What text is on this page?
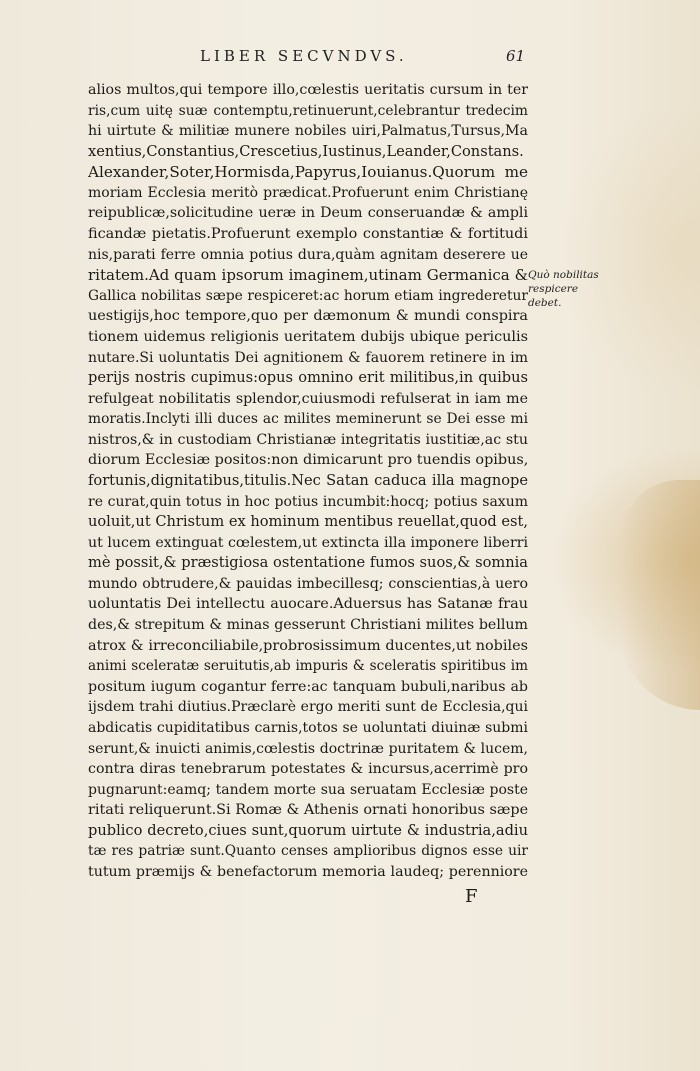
LIBER SECVNDVS.	61
alios multos,qui tempore illo,cœlestis ueritatis cursum in ter
ris,cum uitę suæ contemptu,retinuerunt,celebrantur tredecim
hi uirtute & militiæ munere nobiles uiri,Palmatus,Tursus,Ma
xentius,Constantius,Crescetius,Iustinus,Leander,Constans.
Alexander,Soter,Hormisda,Papyrus,Iouianus.Quorum me
moriam Ecclesia meritò prædicat.Profuerunt enim Christianę
reipublicæ,solicitudine ueræ in Deum conseruandæ & ampli
ficandæ pietatis.Profuerunt exemplo constantiæ & fortitudi
nis,parati ferre omnia potius dura,quàm agnitam deserere ue
ritatem.Ad quam ipsorum imaginem,utinam Germanica &
Gallica nobilitas sæpe respiceret:ac horum etiam ingrederetur
uestigijs,hoc tempore,quo per dæmonum & mundi conspira
tionem uidemus religionis ueritatem dubijs ubique periculis
nutare.Si uoluntatis Dei agnitionem & fauorem retinere in im
perijs nostris cupimus:opus omnino erit militibus,in quibus
refulgeat nobilitatis splendor,cuiusmodi refulserat in iam me
moratis.Inclyti illi duces ac milites meminerunt se Dei esse mi
nistros,& in custodiam Christianæ integritatis iustitiæ,ac stu
diorum Ecclesiæ positos:non dimicarunt pro tuendis opibus,
fortunis,dignitatibus,titulis.Nec Satan caduca illa magnope
re curat,quin totus in hoc potius incumbit:hocq; potius saxum
uoluit,ut Christum ex hominum mentibus reuellat,quod est,
ut lucem extinguat cœlestem,ut extincta illa imponere liberri
mè possit,& præstigiosa ostentatione fumos suos,& somnia
mundo obtrudere,& pauidas imbecillesq; conscientias,à uero
uoluntatis Dei intellectu auocare.Aduersus has Satanæ frau
des,& strepitum & minas gesserunt Christiani milites bellum
atrox & irreconciliabile,probrosissimum ducentes,ut nobiles
animi sceleratæ seruitutis,ab impuris & sceleratis spiritibus im
positum iugum cogantur ferre:ac tanquam bubuli,naribus ab
ijsdem trahi diutius.Præclarè ergo meriti sunt de Ecclesia,qui
abdicatis cupiditatibus carnis,totos se uoluntati diuinæ submi
serunt,& inuicti animis,cœlestis doctrinæ puritatem & lucem,
contra diras tenebrarum potestates & incursus,acerrimè pro
pugnarunt:eamq; tandem morte sua seruatam Ecclesiæ poste
ritati reliquerunt.Si Romæ & Athenis ornati honoribus sæpe
publico decreto,ciues sunt,quorum uirtute & industria,adiu
tæ res patriæ sunt.Quanto censes amplioribus dignos esse uir
tutum præmijs & benefactorum memoria laudeq; perenniore
Quò nobilitas
respicere
debet.
F
